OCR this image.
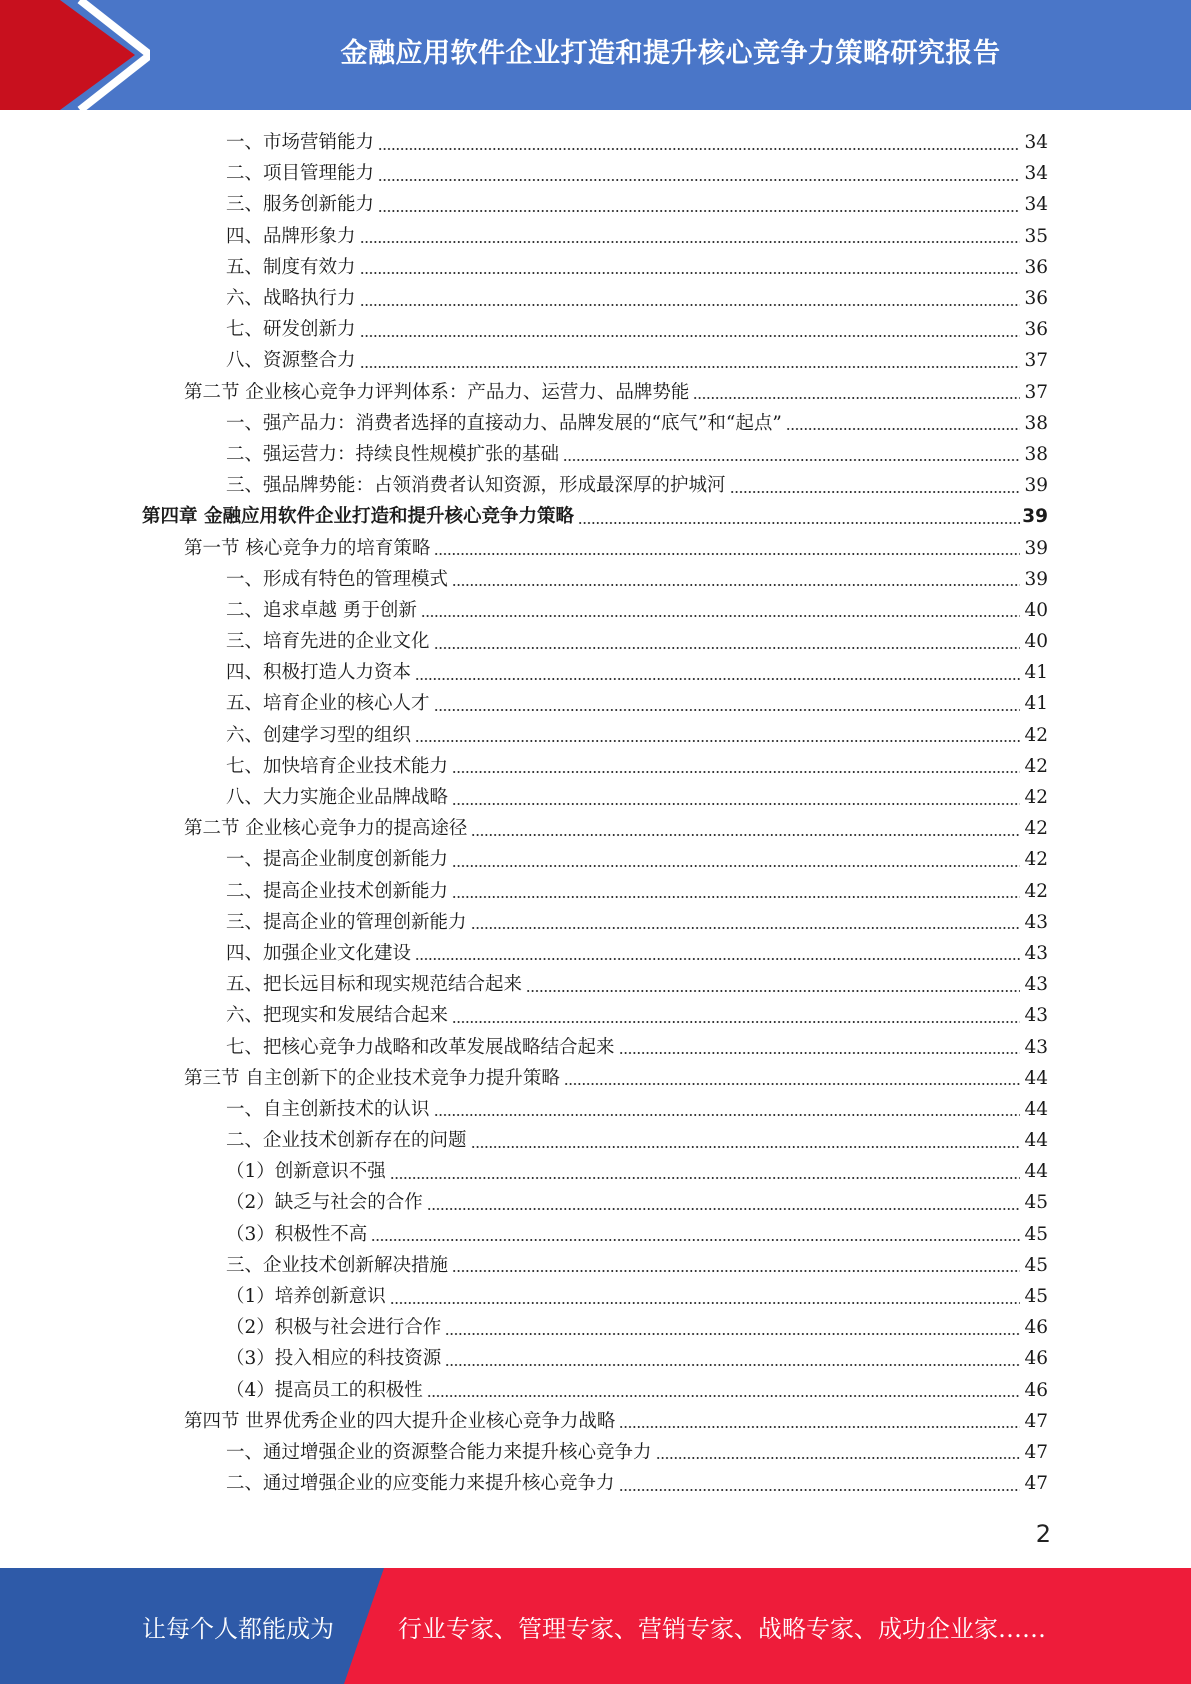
金融应用软件企业打造和提升核心竞争力策略研究报告
一、市场营销能力	34
二、项目管理能力	34
三、服务创新能力	34
四、品牌形象力	35
五、制度有效力	36
六、战略执行力	36
七、研发创新力	36
八、资源整合力	37
第二节 企业核心竞争力评判体系：产品力、运营力、品牌势能	37
一、强产品力：消费者选择的直接动力、品牌发展的“底气”和“起点”	38
二、强运营力：持续良性规模扩张的基础	38
三、强品牌势能：占领消费者认知资源，形成最深厚的护城河	39
第四章 金融应用软件企业打造和提升核心竞争力策略	39
第一节 核心竞争力的培育策略	39
一、形成有特色的管理模式	39
二、追求卓越 勇于创新	40
三、培育先进的企业文化	40
四、积极打造人力资本	41
五、培育企业的核心人才	41
六、创建学习型的组织	42
七、加快培育企业技术能力	42
八、大力实施企业品牌战略	42
第二节 企业核心竞争力的提高途径	42
一、提高企业制度创新能力	42
二、提高企业技术创新能力	42
三、提高企业的管理创新能力	43
四、加强企业文化建设	43
五、把长远目标和现实规范结合起来	43
六、把现实和发展结合起来	43
七、把核心竞争力战略和改革发展战略结合起来	43
第三节 自主创新下的企业技术竞争力提升策略	44
一、自主创新技术的认识	44
二、企业技术创新存在的问题	44
（1）创新意识不强	44
（2）缺乏与社会的合作	45
（3）积极性不高	45
三、企业技术创新解决措施	45
（1）培养创新意识	45
（2）积极与社会进行合作	46
（3）投入相应的科技资源	46
（4）提高员工的积极性	46
第四节 世界优秀企业的四大提升企业核心竞争力战略	47
一、通过增强企业的资源整合能力来提升核心竞争力	47
二、通过增强企业的应变能力来提升核心竞争力	47
2
让每个人都能成为	行业专家、管理专家、营销专家、战略专家、成功企业家……
